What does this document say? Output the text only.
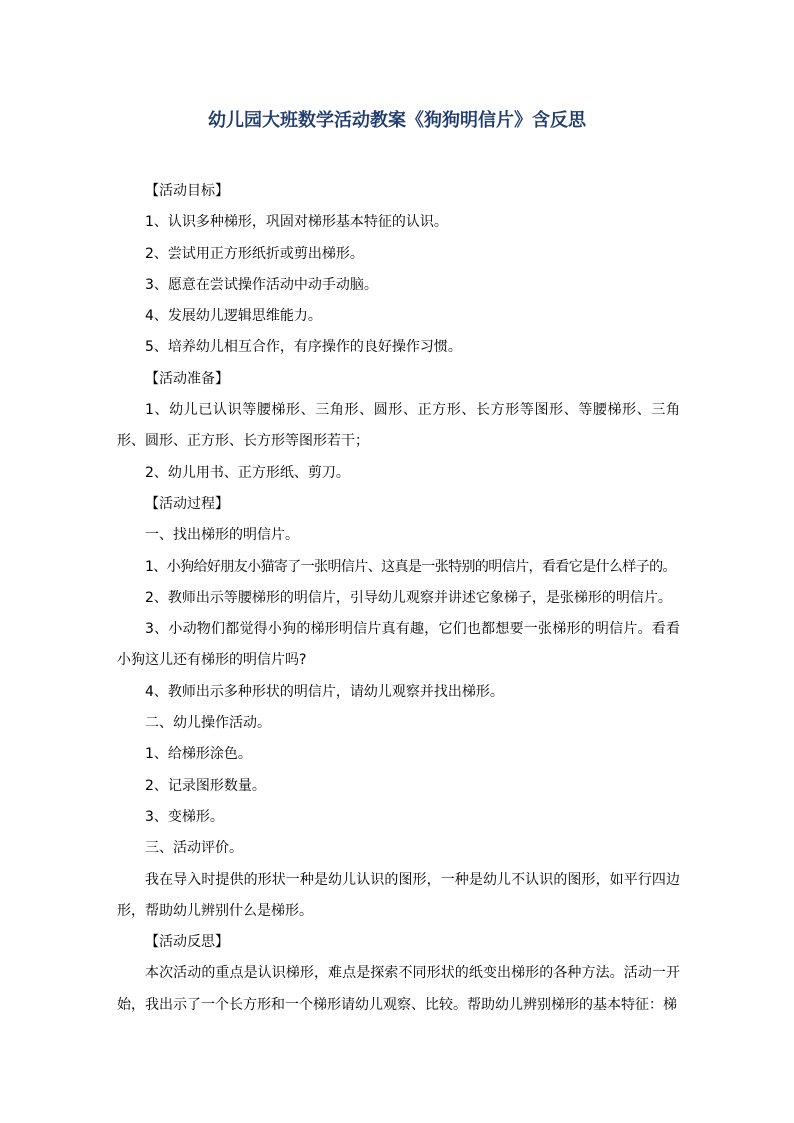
幼儿园大班数学活动教案《狗狗明信片》含反思

【活动目标】

1、认识多种梯形，巩固对梯形基本特征的认识。

2、尝试用正方形纸折或剪出梯形。

3、愿意在尝试操作活动中动手动脑。

4、发展幼儿逻辑思维能力。

5、培养幼儿相互合作，有序操作的良好操作习惯。

【活动准备】

1、幼儿已认识等腰梯形、三角形、圆形、正方形、长方形等图形、等腰梯形、三角形、圆形、正方形、长方形等图形若干；

2、幼儿用书、正方形纸、剪刀。

【活动过程】

一、找出梯形的明信片。

1、小狗给好朋友小猫寄了一张明信片、这真是一张特别的明信片，看看它是什么样子的。

2、教师出示等腰梯形的明信片，引导幼儿观察并讲述它象梯子，是张梯形的明信片。

3、小动物们都觉得小狗的梯形明信片真有趣，它们也都想要一张梯形的明信片。看看小狗这儿还有梯形的明信片吗?

4、教师出示多种形状的明信片，请幼儿观察并找出梯形。

二、幼儿操作活动。

1、给梯形涂色。

2、记录图形数量。

3、变梯形。

三、活动评价。

我在导入时提供的形状一种是幼儿认识的图形，一种是幼儿不认识的图形，如平行四边形，帮助幼儿辨别什么是梯形。

【活动反思】

本次活动的重点是认识梯形，难点是探索不同形状的纸变出梯形的各种方法。活动一开始，我出示了一个长方形和一个梯形请幼儿观察、比较。帮助幼儿辨别梯形的基本特征：梯
